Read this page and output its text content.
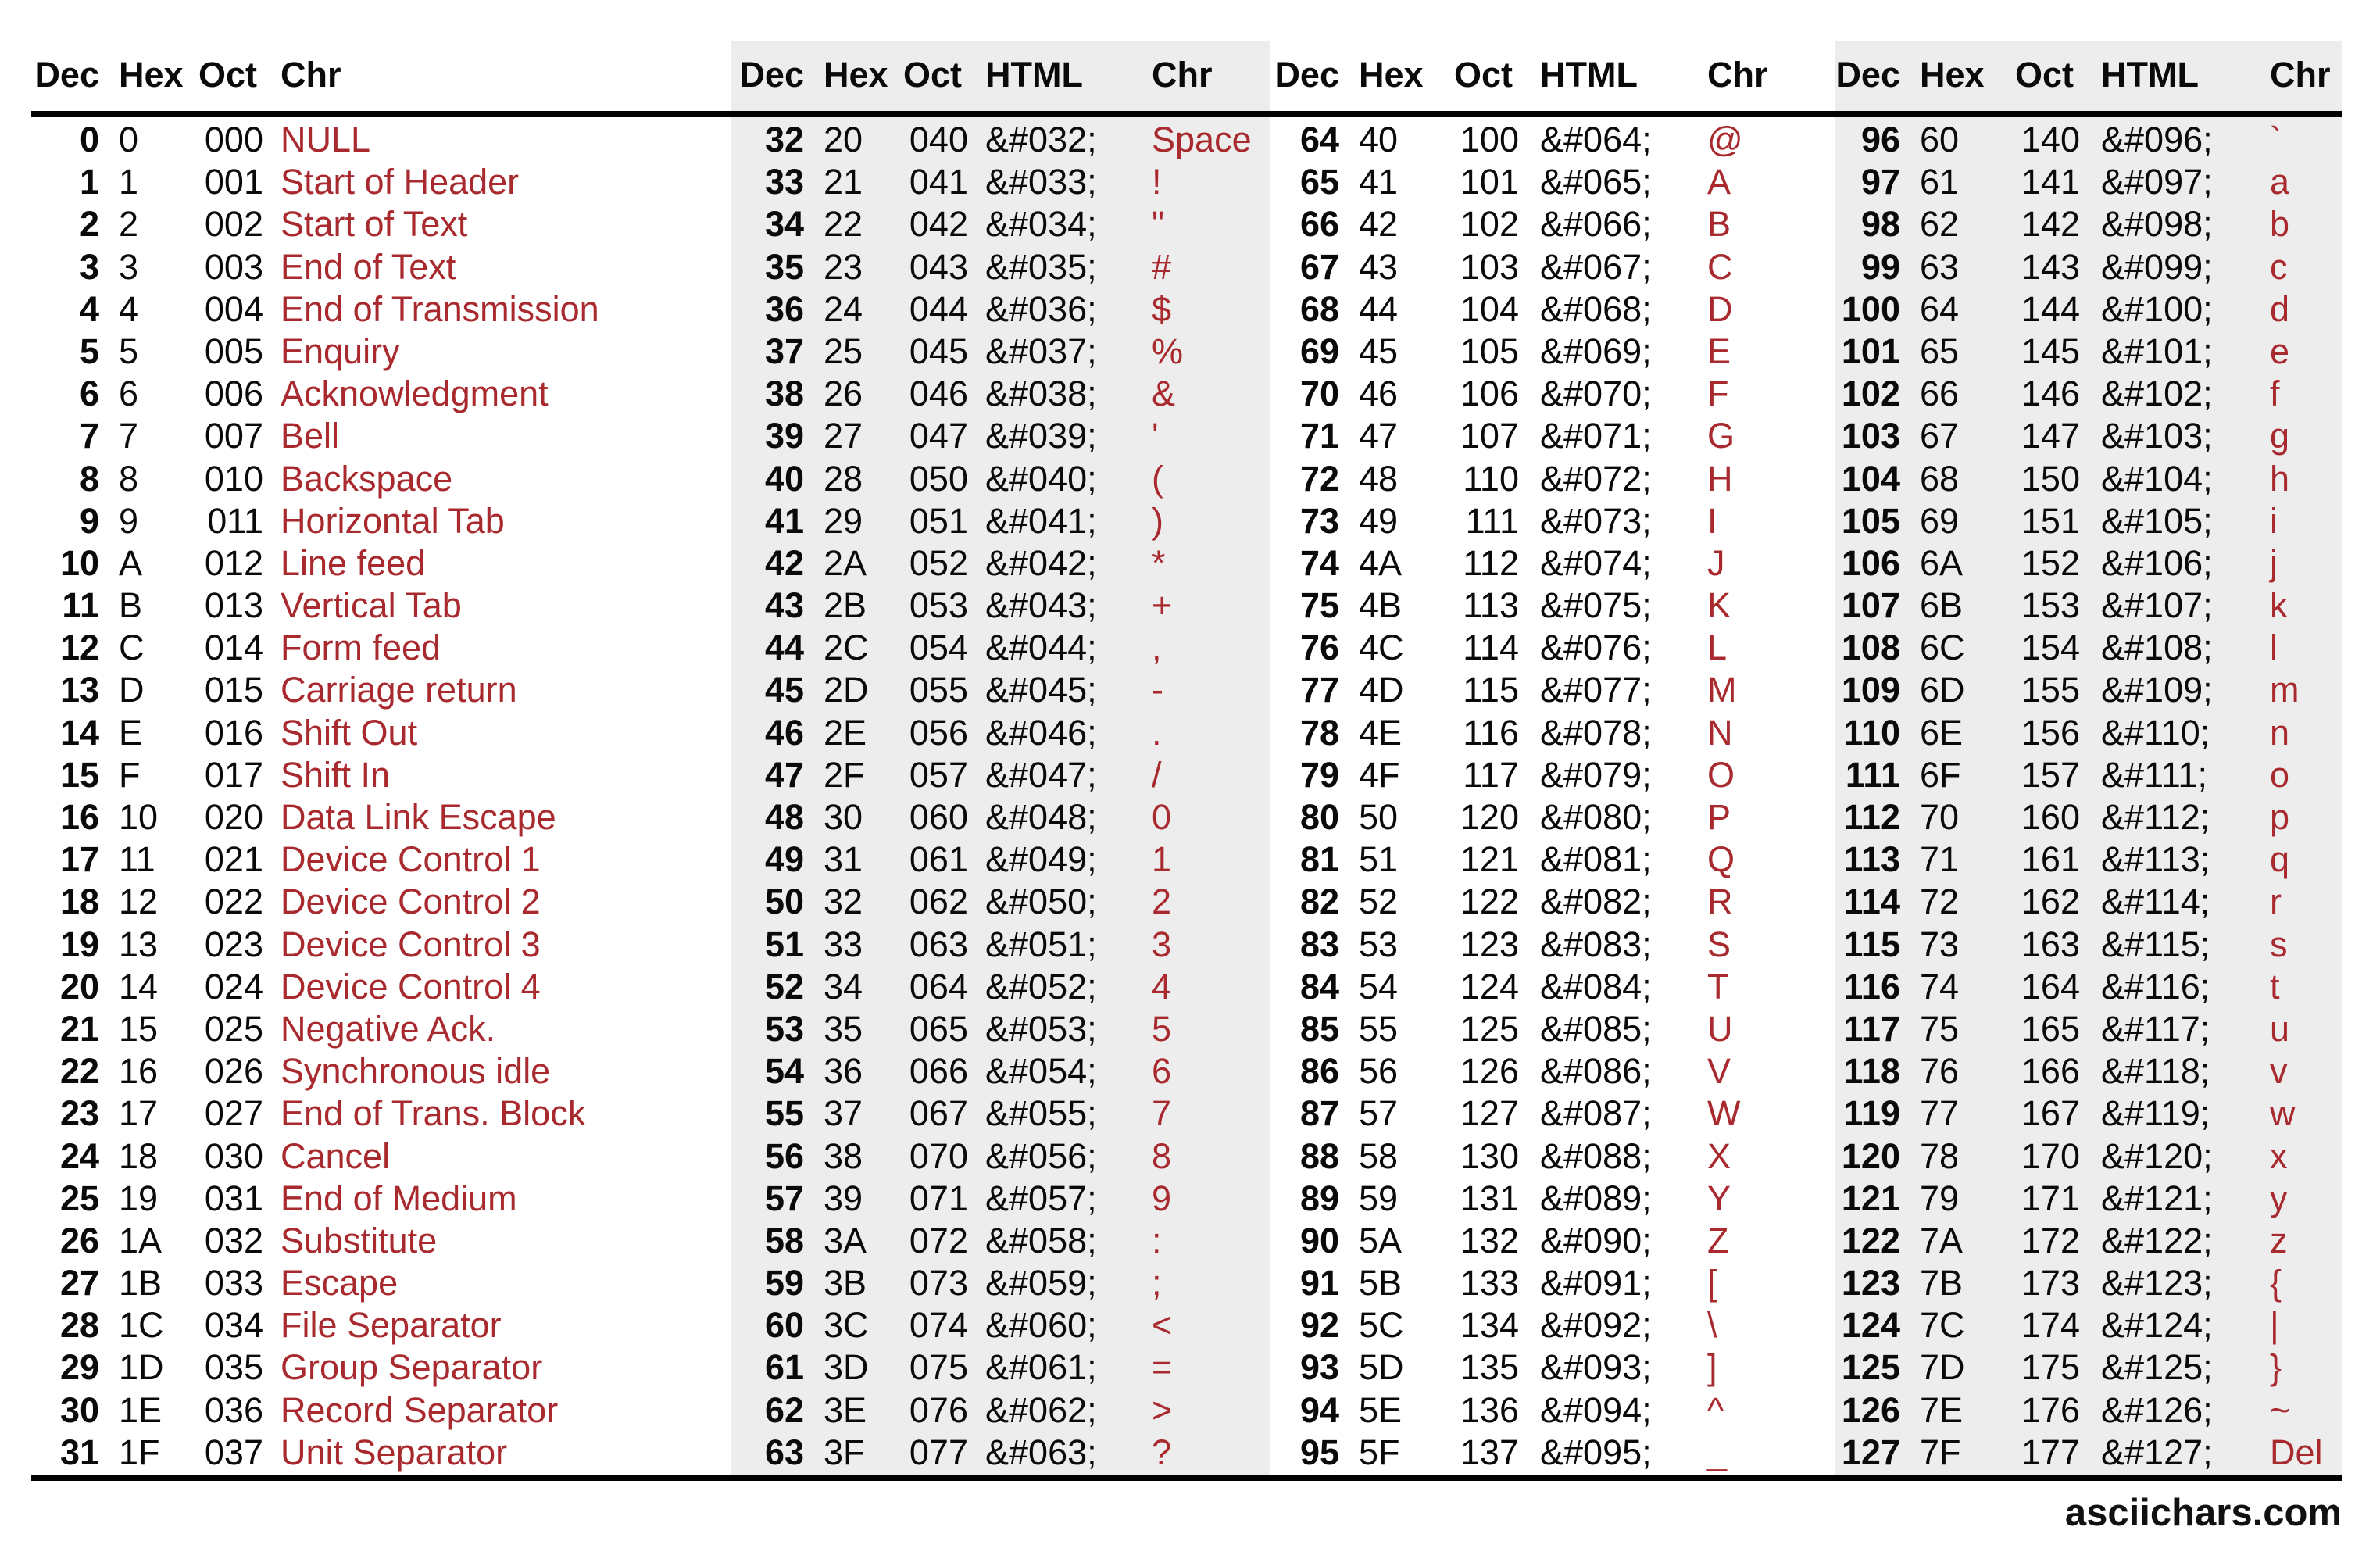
Dec Hex Oct Chr
0 0	000 NULL
1 1	001 Start of Header
2 2	002 Start of Text
3 3	003 End of Text
4 4	004 End of Transmission
5 5	005 Enquiry
6 6	006 Acknowledgment
7 7	007 Bell
8 8	010 Backspace
9 9	011 Horizontal Tab
10 A	012 Line feed
11 B	013 Vertical Tab
12 C	014 Form feed
13 D	015 Carriage return
14 E	016 Shift Out
15 F	017 Shift In
16 10	020 Data Link Escape
17 11	021 Device Control 1
18 12	022 Device Control 2
19 13	023 Device Control 3
20 14	024 Device Control 4
21 15	025 Negative Ack.
22 16	026 Synchronous idle
23 17	027 End of Trans. Block
24 18	030 Cancel
25 19	031 End of Medium
26 1A	032 Substitute
27 1B	033 Escape
28 1C	034 File Separator
29 1D	035 Group Separator
30 1E	036 Record Separator
31 1F	037 Unit Separator
Dec Hex Oct HTML Chr
32 20	040 &#032; Space
33 21	041 &#033; !
34 22	042 &#034; "
35 23	043 &#035; #
36 24	044 &#036; $
37 25	045 &#037; %
38 26	046 &#038; &
39 27	047 &#039; '
40 28	050 &#040; (
41 29	051 &#041; )
42 2A	052 &#042; *
43 2B	053 &#043; +
44 2C	054 &#044; ,
45 2D	055 &#045; -
46 2E	056 &#046; .
47 2F	057 &#047; /
48 30	060 &#048; 0
49 31	061 &#049; 1
50 32	062 &#050; 2
51 33	063 &#051; 3
52 34	064 &#052; 4
53 35	065 &#053; 5
54 36	066 &#054; 6
55 37	067 &#055; 7
56 38	070 &#056; 8
57 39	071 &#057; 9
58 3A	072 &#058; :
59 3B	073 &#059; ;
60 3C	074 &#060; <
61 3D	075 &#061; =
62 3E	076 &#062; >
63 3F	077 &#063; ?
Dec Hex Oct HTML Chr
64 40	100 &#064; @
65 41	101 &#065; A
66 42	102 &#066; B
67 43	103 &#067; C
68 44	104 &#068; D
69 45	105 &#069; E
70 46	106 &#070; F
71 47	107 &#071; G
72 48	110 &#072; H
73 49	111 &#073; I
74 4A	112 &#074; J
75 4B	113 &#075; K
76 4C	114 &#076; L
77 4D	115 &#077; M
78 4E	116 &#078; N
79 4F	117 &#079; O
80 50	120 &#080; P
81 51	121 &#081; Q
82 52	122 &#082; R
83 53	123 &#083; S
84 54	124 &#084; T
85 55	125 &#085; U
86 56	126 &#086; V
87 57	127 &#087; W
88 58	130 &#088; X
89 59	131 &#089; Y
90 5A	132 &#090; Z
91 5B	133 &#091; [
92 5C	134 &#092; \
93 5D	135 &#093; ]
94 5E	136 &#094; ^
95 5F	137 &#095; _
Dec Hex Oct HTML Chr
96 60	140 &#096; `
97 61	141 &#097; a
98 62	142 &#098; b
99 63	143 &#099; c
100 64	144 &#100; d
101 65	145 &#101; e
102 66	146 &#102; f
103 67	147 &#103; g
104 68	150 &#104; h
105 69	151 &#105; i
106 6A	152 &#106; j
107 6B	153 &#107; k
108 6C	154 &#108; l
109 6D	155 &#109; m
110 6E	156 &#110; n
111 6F	157 &#111; o
112 70	160 &#112; p
113 71	161 &#113; q
114 72	162 &#114; r
115 73	163 &#115; s
116 74	164 &#116; t
117 75	165 &#117; u
118 76	166 &#118; v
119 77	167 &#119; w
120 78	170 &#120; x
121 79	171 &#121; y
122 7A	172 &#122; z
123 7B	173 &#123; {
124 7C	174 &#124; |
125 7D	175 &#125; }
126 7E	176 &#126; ~
127 7F	177 &#127; Del
asciichars.com
